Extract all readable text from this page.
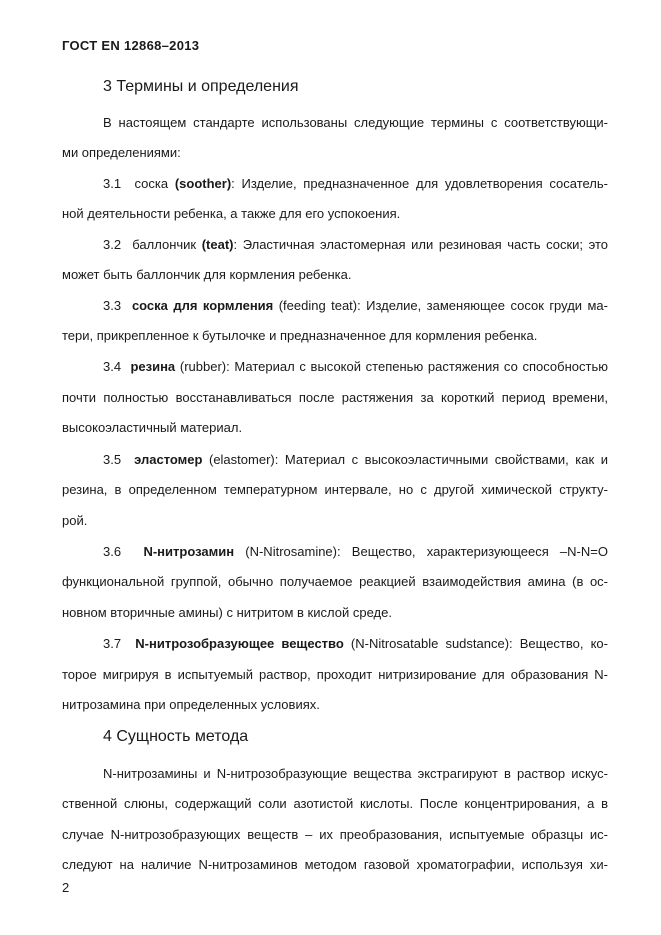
ГОСТ EN 12868–2013
3 Термины и определения
В настоящем стандарте использованы следующие термины с соответствующи-
ми определениями:
3.1 соска (soother): Изделие, предназначенное для удовлетворения сосатель-
ной деятельности ребенка, а также для его успокоения.
3.2 баллончик (teat): Эластичная эластомерная или резиновая часть соски; это
может быть баллончик для кормления ребенка.
3.3 соска для кормления (feeding teat): Изделие, заменяющее сосок груди ма-
тери, прикрепленное к бутылочке и предназначенное для кормления ребенка.
3.4 резина (rubber): Материал с высокой степенью растяжения со способностью
почти полностью восстанавливаться после растяжения за короткий период времени,
высокоэластичный материал.
3.5 эластомер (elastomer): Материал с высокоэластичными свойствами, как и
резина, в определенном температурном интервале, но с другой химической структу-
рой.
3.6 N-нитрозамин (N-Nitrosamine): Вещество, характеризующееся –N-N=O
функциональной группой, обычно получаемое реакцией взаимодействия амина (в ос-
новном вторичные амины) с нитритом в кислой среде.
3.7 N-нитрозобразующее вещество (N-Nitrosatable sudstance): Вещество, ко-
торое мигрируя в испытуемый раствор, проходит нитризирование для образования N-
нитрозамина при определенных условиях.
4 Сущность метода
N-нитрозамины и N-нитрозобразующие вещества экстрагируют в раствор искус-
ственной слюны, содержащий соли азотистой кислоты. После концентрирования, а в
случае N-нитрозобразующих веществ – их преобразования, испытуемые образцы ис-
следуют на наличие N-нитрозаминов методом газовой хроматографии, используя хи-
2
